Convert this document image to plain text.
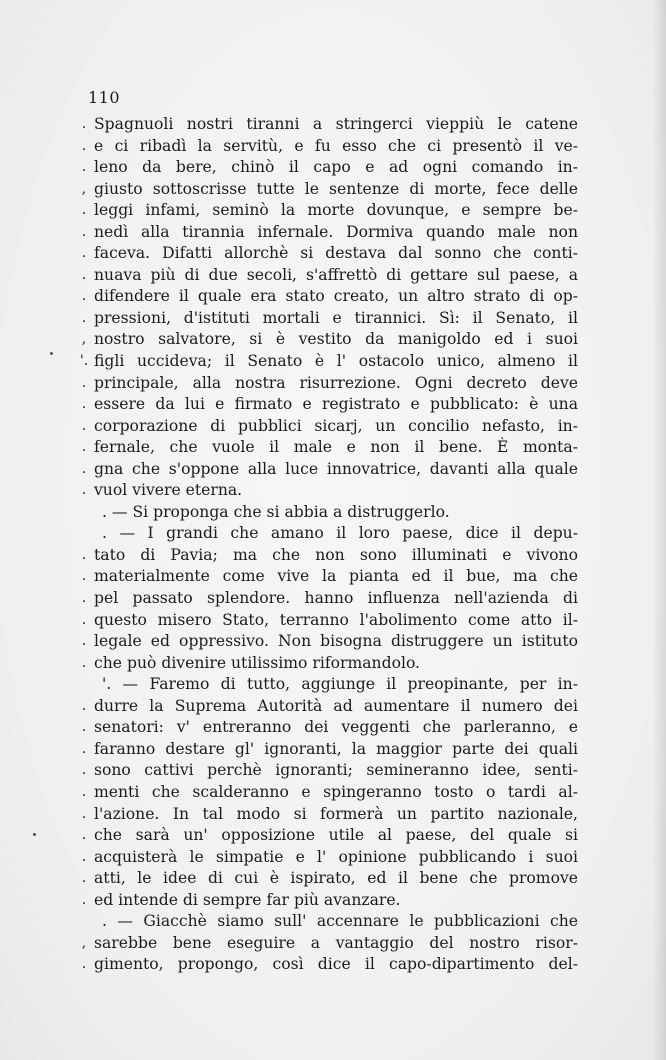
110
. Spagnuoli nostri tiranni a stringerci vieppiù le catene
. e ci ribadì la servitù, e fu esso che ci presentò il ve-
. leno da bere, chinò il capo e ad ogni comando in-
, giusto sottoscrisse tutte le sentenze di morte, fece delle
. leggi infami, seminò la morte dovunque, e sempre be-
. nedì alla tirannia infernale. Dormiva quando male non
. faceva. Difatti allorchè si destava dal sonno che conti-
. nuava più di due secoli, s'affrettò di gettare sul paese, a
. difendere il quale era stato creato, un altro strato di op-
. pressioni, d'istituti mortali e tirannici. Sì: il Senato, il
, nostro salvatore, si è vestito da manigoldo ed i suoi
'. figli uccideva; il Senato è l' ostacolo unico, almeno il
. principale, alla nostra risurrezione. Ogni decreto deve
. essere da lui e firmato e registrato e pubblicato: è una
. corporazione di pubblici sicarj, un concilio nefasto, in-
. fernale, che vuole il male e non il bene. È monta-
. gna che s'oppone alla luce innovatrice, davanti alla quale
. vuol vivere eterna.
. — Si proponga che si abbia a distruggerlo.
. — I grandi che amano il loro paese, dice il depu-
. tato di Pavia; ma che non sono illuminati e vivono
. materialmente come vive la pianta ed il bue, ma che
. pel passato splendore. hanno influenza nell'azienda di
. questo misero Stato, terranno l'abolimento come atto il-
. legale ed oppressivo. Non bisogna distruggere un istituto
. che può divenire utilissimo riformandolo.
'. — Faremo di tutto, aggiunge il preopinante, per in-
. durre la Suprema Autorità ad aumentare il numero dei
. senatori: v' entreranno dei veggenti che parleranno, e
. faranno destare gl' ignoranti, la maggior parte dei quali
. sono cattivi perchè ignoranti; semineranno idee, senti-
. menti che scalderanno e spingeranno tosto o tardi al-
. l'azione. In tal modo si formerà un partito nazionale,
. che sarà un' opposizione utile al paese, del quale si
. acquisterà le simpatie e l' opinione pubblicando i suoi
. atti, le idee di cui è ispirato, ed il bene che promove
. ed intende di sempre far più avanzare.
. — Giacchè siamo sull' accennare le pubblicazioni che
, sarebbe bene eseguire a vantaggio del nostro risor-
. gimento, propongo, così dice il capo-dipartimento del-
